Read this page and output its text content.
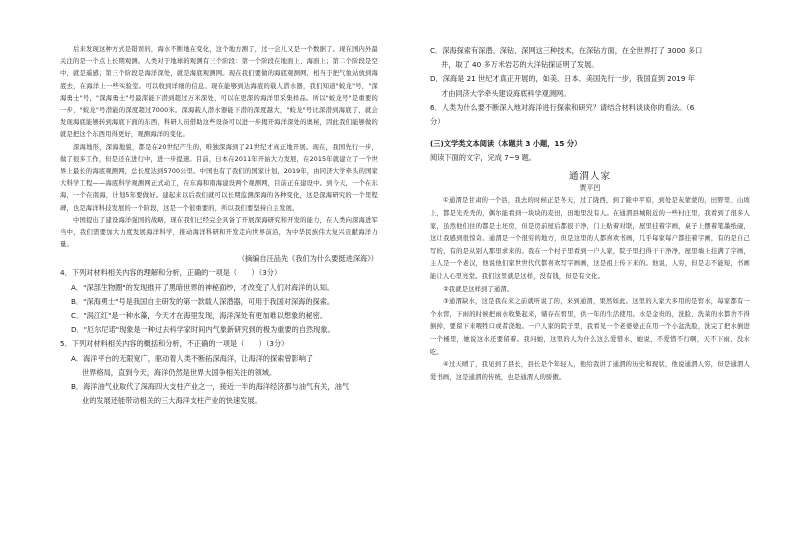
后来发现这种方式是错误的，海水不断地在变化，这个地方测了，过一会儿又是一个数据了。现在国内外最关注的是一个点上长期观测。人类对于地球的观测有三个阶段：第一个阶段在地面上、海面上；第二个阶段是空中，就是遥感；第三个阶段是海洋深处，就是海底观测网。现在我们要做的海底观测网，相当于把气象站放到海底去，在海洋上一些实验室。可以收到详细的信息。现在能够到达海底的载人潜水器，我们知道"蛟龙"号，"深海勇士"号，"深海勇士"号最深能下潜到超过万米深处，可以在更深的海洋里采集样品。所以"蛟龙号"是重要的一步，"蛟龙"号潜能的深度超过7000米。深海载人潜水器能下潜的深度越大，"蛟龙"号比深潜到海底了，就会发现海底能够转到海底下面的东西，科研人员借助这些设备可以进一步揭开海洋深处的奥秘，因此我们能够做的就是把这个东西用得更好，观测海洋的变化。

深海地形，深海地貌，都是在20世纪产生的，唯独深海到了21世纪才真正地开展。现在，我国先行一步，做了很多工作，但是还在进行中，进一步提速。目前，日本在2011年开始大力发展，在2015年就建立了一个世界上最长的海底观测网，总长度达到5700公里。中国也有了我们的国家计划，2019年，由同济大学牵头的国家大科学工程——海底科学观测网正式动工，在东海和南海建设两个观测网，目前正在建设中。到今天，一个在东海，一个在南海，计划5年要做好。建起来以后我们就可以长期监测深海的各种变化，这是深海研究的一个里程碑，也是海洋科技发展的一个阶段，这是一个很重要的，所以我们要坚持自主发展。

中国提出了建设海洋强国的战略，现在我们已经完全具备了开展深海研究和开发的能力，在人类向深海进军当中，我们需要加大力度发展海洋科学，推动海洋科研和开发走向世界前沿，为中华民族伟大复兴贡献海洋力量。

（摘编自汪品先《我们为什么要挺进深海》）

4．下列对材料相关内容的理解和分析，正确的一项是（　　）（3分）

A．"深部生物圈"的发现推开了黑暗世界的神秘面纱，才改变了人们对海洋的认知。

B．"深海勇士"号是我国自主研发的第一款载人深潜器，可用于我国对深海的探索。

C．"涡江红"是一种水藻，今天才在海里发现，海洋深处有更加难以想象的秘密。

D．"厄尔尼诺"现象是一种过去科学家时间内气象新研究到的极为重要的自然现象。

5．下列对材料相关内容的概括和分析，不正确的一项是（　　）（3分）

A．海洋平台的无限宽广，驱动着人类不断拓深海洋，让海洋的探索曾影响了
世界格局，直到今天，海洋仍然是世界大国争相关注的领域。

B．海洋油气业取代了深海四大支柱产业之一，接近一半的海洋经济都与油气有关，油气
业的发展还能带动相关的三大海洋支柱产业的快速发展。

C．深海探索有深潜、深钻、深网这三种技术，在深钻方面，在全世界打了 3000 多口
井，取了 40 多万米岩芯的大洋钻探证明了发展。

D．深海是 21 世纪才真正开展的，如美、日本、美国先行一步，我国直到 2019 年
才由同济大学牵头建设海底科学观测网。

6．人类为什么要不断深入地对海洋进行探索和研究？请结合材料谈谈你的看法。（6

分）

(三)文学类文本阅读（本题共 3 小题，15 分）

阅读下面的文字，完成 7~9 题。

通渭人家

贾平凹

①通渭是甘肃的一个县，我去的时候正是冬天，过了陇西，到了陇中平原，到处是灰蒙蒙的，田野里、山坡上，都是光秃秃的，偶尔能看到一块块的麦田，田地里没有人。在通渭县城附近的一些村庄里，我看到了很多人家，虽然他们住的都是土坯房，但是房前屋后都很干净，门上贴着对联，屋里挂着字画，桌子上摆着笔墨纸砚，这让我感到很惊奇。通渭是一个很穷的地方，但是这里的人都喜欢书画，几乎每家每户都挂着字画，有的是自己写的，有的是从别人那里求来的。我在一个村子里看到一户人家，院子里扫得干干净净，屋里墙上挂满了字画，主人是一个老汉，他说他们家世世代代都喜欢写字画画，这是祖上传下来的。他说，人穷，但是志不能短，书画能让人心里亮堂。我们这里就是这样，没有钱，但是有文化。

②我就是这样到了通渭。

③通渭缺水，这是我在来之前就听说了的，来到通渭，果然如此。这里的人家大多用的是窖水，每家都有一个水窖，下雨的时候把雨水收集起来，储存在窖里，供一年的生活使用。水是金贵的，洗脸、洗菜的水都舍不得倒掉，要留下来喂牲口或者浇地。一户人家的院子里，我看见一个老婆婆正在用一个小盆洗脸，洗完了把水倒进一个桶里，她说这水还要留着。我问她，这里的人为什么这么爱惜水，她说，不爱惜不行啊，天不下雨，没水吃。

④过天晴了，我见到了县长，县长是个年轻人，他给我讲了通渭的历史和现状，他说通渭人穷，但是通渭人爱书画，这是通渭的传统，也是通渭人的骄傲。
